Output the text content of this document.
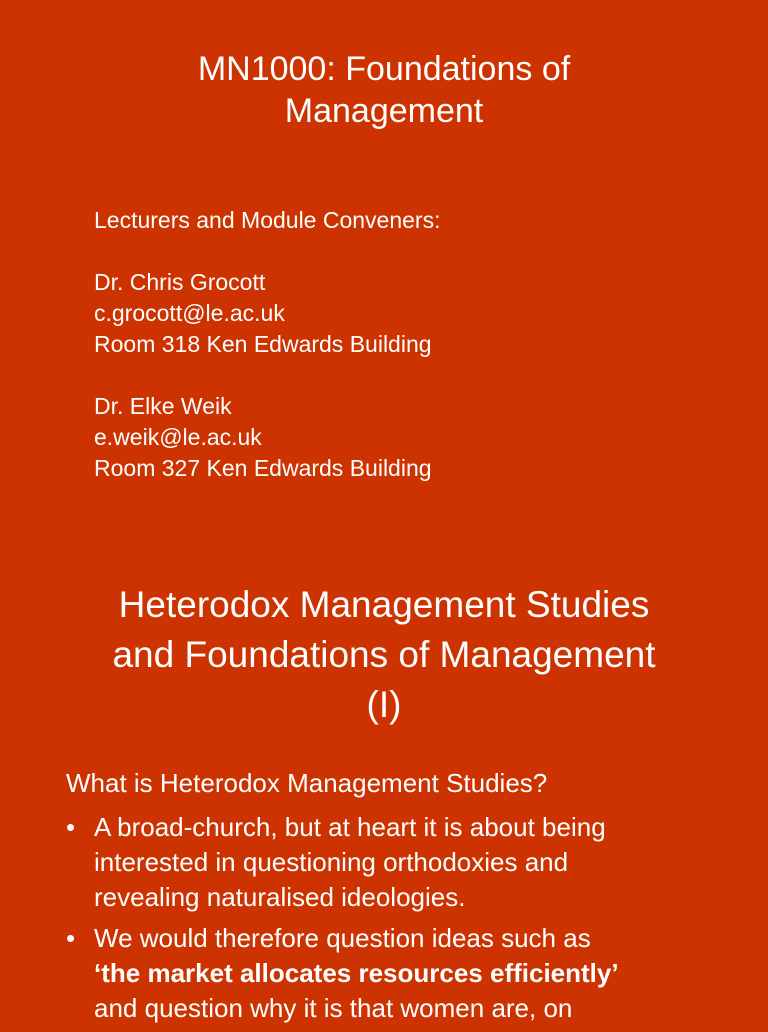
MN1000: Foundations of
Management
Lecturers and Module Conveners:
Dr. Chris Grocott
c.grocott@le.ac.uk
Room 318 Ken Edwards Building
Dr. Elke Weik
e.weik@le.ac.uk
Room 327 Ken Edwards Building
Heterodox Management Studies
and Foundations of Management
(I)
What is Heterodox Management Studies?
• A broad-church, but at heart it is about being
interested in questioning orthodoxies and
revealing naturalised ideologies.
• We would therefore question ideas such as
‘the market allocates resources efficiently’
and question why it is that women are, on
